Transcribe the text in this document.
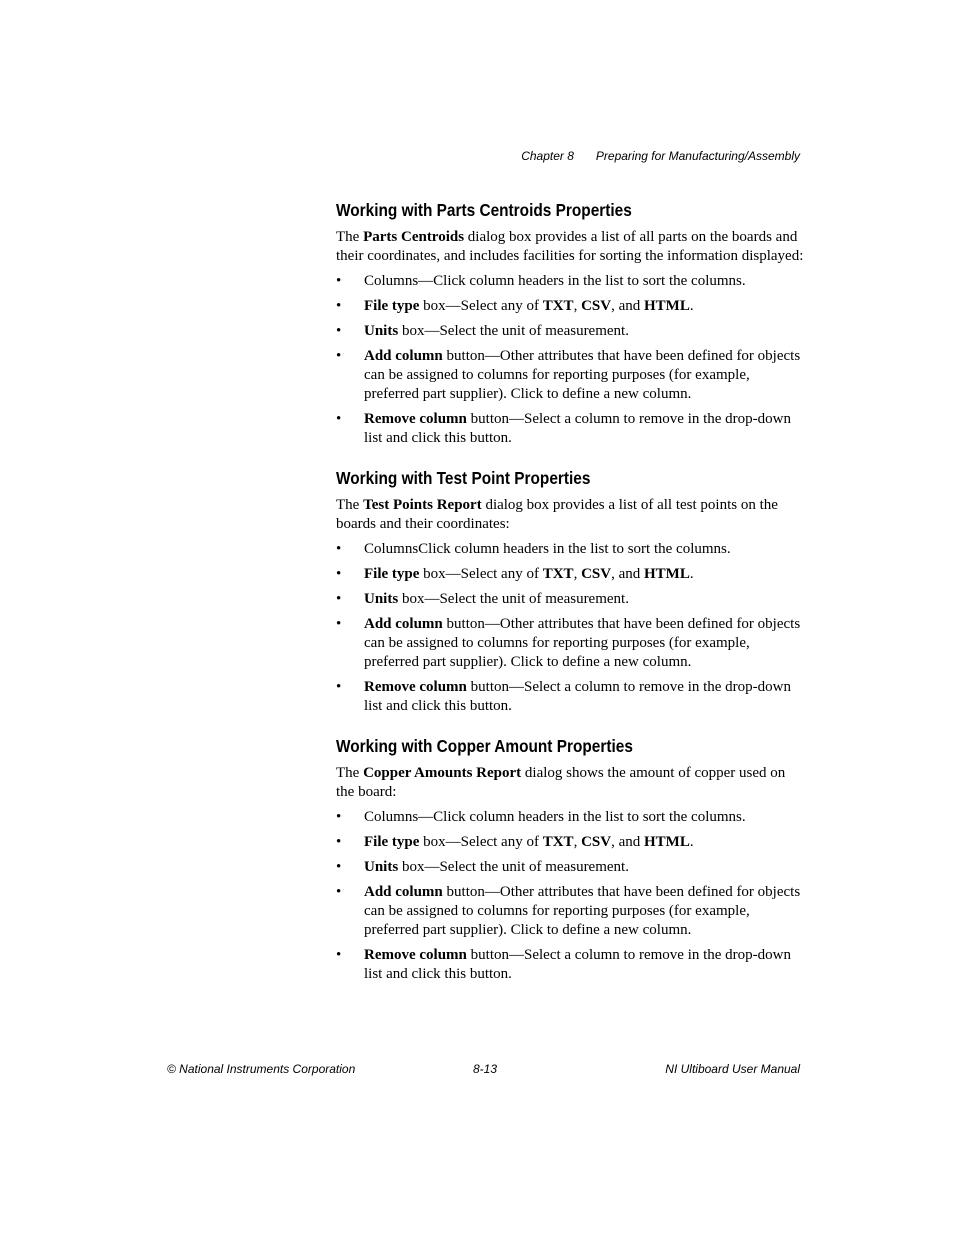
Chapter 8 Preparing for Manufacturing/Assembly
Working with Parts Centroids Properties

The Parts Centroids dialog box provides a list of all parts on the boards and their coordinates, and includes facilities for sorting the information displayed:

• Columns—Click column headers in the list to sort the columns.
• File type box—Select any of TXT, CSV, and HTML.
• Units box—Select the unit of measurement.
• Add column button—Other attributes that have been defined for objects can be assigned to columns for reporting purposes (for example, preferred part supplier). Click to define a new column.
• Remove column button—Select a column to remove in the drop-down list and click this button.
Working with Test Point Properties

The Test Points Report dialog box provides a list of all test points on the boards and their coordinates:

• ColumnsClick column headers in the list to sort the columns.
• File type box—Select any of TXT, CSV, and HTML.
• Units box—Select the unit of measurement.
• Add column button—Other attributes that have been defined for objects can be assigned to columns for reporting purposes (for example, preferred part supplier). Click to define a new column.
• Remove column button—Select a column to remove in the drop-down list and click this button.
Working with Copper Amount Properties

The Copper Amounts Report dialog shows the amount of copper used on the board:

• Columns—Click column headers in the list to sort the columns.
• File type box—Select any of TXT, CSV, and HTML.
• Units box—Select the unit of measurement.
• Add column button—Other attributes that have been defined for objects can be assigned to columns for reporting purposes (for example, preferred part supplier). Click to define a new column.
• Remove column button—Select a column to remove in the drop-down list and click this button.
© National Instruments Corporation	8-13	NI Ultiboard User Manual
